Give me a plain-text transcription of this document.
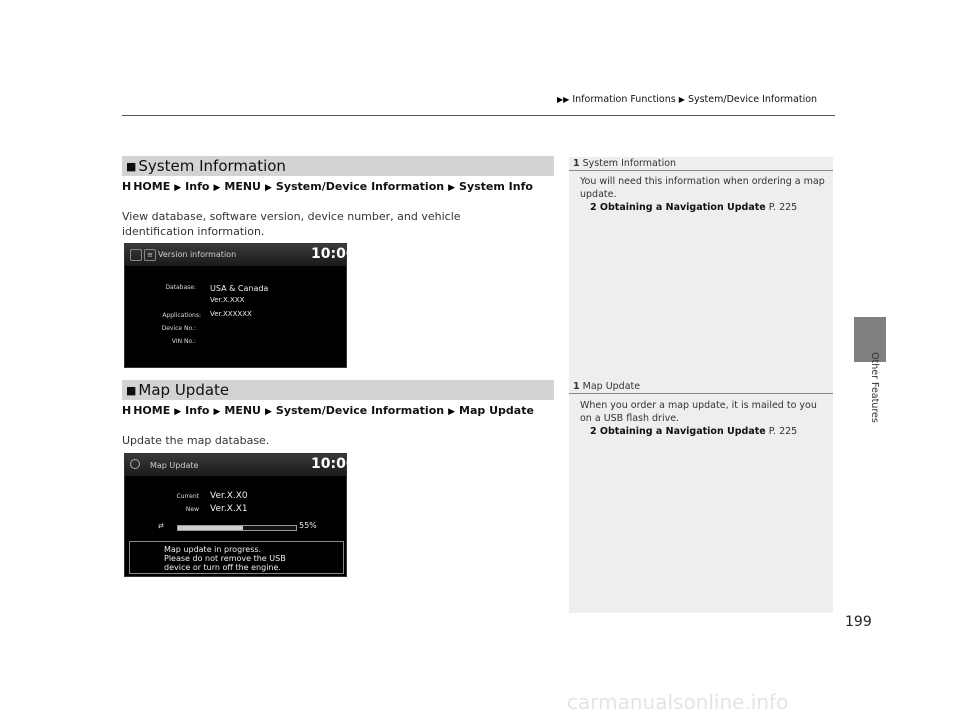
▶▶ Information Functions ▶ System/Device Information
Other Features
199
■ System Information
H HOME ▶ Info ▶ MENU ▶ System/Device Information ▶ System Info
View database, software version, device number, and vehicle identification information.
≡ Version information	10:00
Database: USA & Canada
Ver.X.XXX
Applications: Ver.XXXXXX
Device No.:
VIN No.:
1 System Information
You will need this information when ordering a map update.
2 Obtaining a Navigation Update P. 225
■ Map Update
H HOME ▶ Info ▶ MENU ▶ System/Device Information ▶ Map Update
Update the map database.
Map Update	10:00
Current Ver.X.X0
New Ver.X.X1
⇄	55%
Map update in progress.
Please do not remove the USB
device or turn off the engine.
1 Map Update
When you order a map update, it is mailed to you on a USB flash drive.
2 Obtaining a Navigation Update P. 225
carmanualsonline.info
